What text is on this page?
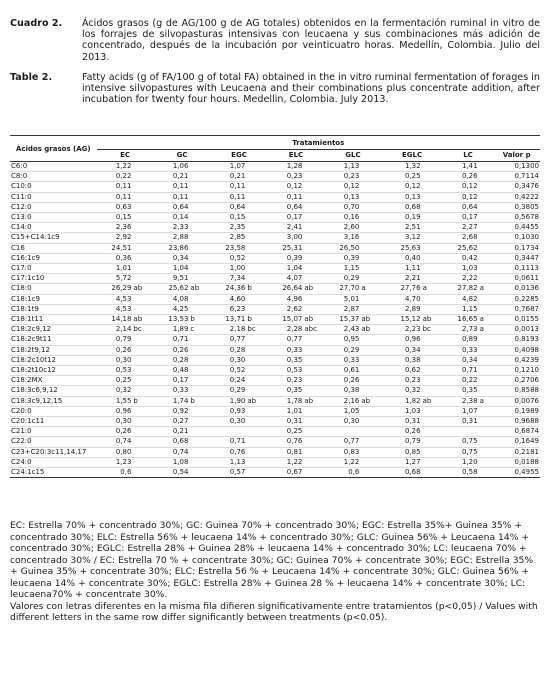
Cuadro 2. Ácidos grasos (g de AG/100 g de AG totales) obtenidos en la fermentación ruminal in vitro de los forrajes de silvopasturas intensivas con leucaena y sus combinaciones más adición de concentrado, después de la incubación por veinticuatro horas. Medellín, Colombia. Julio del 2013.
Table 2.	Fatty acids (g of FA/100 g of total FA) obtained in the in vitro ruminal fermentation of forages in intensive silvopastures with Leucaena and their combinations plus concentrate addition, after incubation for twenty four hours. Medellin, Colombia. July 2013.
Ácidos grasos (AG)	Tratamientos														
	EC		GC		EGC		ELC		GLC		EGLC		LC		Valor p
C6:0	1,22		1,06		1,07		1,28		1,13		1,32		1,41		0,1300
C8:0	0,22		0,21		0,21		0,23		0,23		0,25		0,26		0,7114
C10:0	0,11		0,11		0,11		0,12		0,12		0,12		0,12		0,3476
C11:0	0,11		0,11		0,11		0,11		0,13		0,13		0,12		0,4222
C12:0	0,63		0,64		0,64		0,64		0,70		0,68		0,64		0,3805
C13:0	0,15		0,14		0,15		0,17		0,16		0,19		0,17		0,5678
C14:0	2,36		2,33		2,35		2,41		2,60		2,51		2,27		0,4455
C15+C14:1c9	2,92		2,88		2,85		3,00		3,16		3,12		2,68		0,1030
C16	24,51		23,86		23,58		25,31		26,50		25,63		25,62		0,1734
C16:1c9	0,36		0,34		0,52		0,39		0,39		0,40		0,42		0,3447
C17:0	1,01		1,04		1,00		1,04		1,15		1,11		1,03		0,1113
C17:1c10	5,72		9,51		7,34		4,07		0,29		2,21		2,22		0,0611
C18:0	26,29	ab	25,62	ab	24,36	b	26,64	ab	27,70	a	27,76	a	27,82	a	0,0136
C18:1c9	4,53		4,08		4,60		4,96		5,01		4,70		4,82		0,2285
C18:1t9	4,53		4,25		6,23		2,62		2,87		2,89		1,15		0,7687
C18:1t11	14,18	ab	13,53	b	13,71	b	15,07	ab	15,37	ab	15,12	ab	16,65	a	0,0155
C18:2c9,12	2,14	bc	1,89	c	2,18	bc	2,28	abc	2,43	ab	2,23	bc	2,73	a	0,0013
C18:2c9t11	0,79		0,71		0,77		0,77		0,95		0,96		0,89		0,8193
C18:2t9,12	0,26		0,26		0,28		0,33		0,29		0,34		0,33		0,4098
C18:2c10t12	0,30		0,28		0,30		0,35		0,33		0,38		0,34		0,4239
C18:2t10c12	0,53		0,48		0,52		0,53		0,61		0,62		0,71		0,1210
C18:2MX	0,25		0,17		0,24		0,23		0,26		0,23		0,22		0,2706
C18:3c6,9,12	0,32		0,33		0,29		0,35		0,38		0,32		0,35		0,8588
C18:3c9,12,15	1,55	b	1,74	b	1,90	ab	1,78	ab	2,16	ab	1,82	ab	2,38	a	0,0076
C20:0	0,96		0,92		0,93		1,01		1,05		1,03		1,07		0,1989
C20:1c11	0,30		0,27		0,30		0,31		0,30		0,31		0,31		0,9688
C21:0	0,26		0,21				0,25				0,26				0,6874
C22:0	0,74		0,68		0,71		0,76		0,77		0,79		0,75		0,1649
C23+C20:3c11,14,17	0,80		0,74		0,76		0,81		0,83		0,85		0,75		0,2181
C24:0	1,23		1,08		1,13		1,22		1,22		1,27		1,20		0,0188
C24:1c15	0,6		0,54		0,57		0,67		0,6		0,68		0,58		0,4955

EC: Estrella 70% + concentrado 30%; GC: Guinea 70% + concentrado 30%; EGC: Estrella 35%+ Guinea 35% + concentrado 30%; ELC: Estrella 56% + leucaena 14% + concentrado 30%; GLC: Guinea 56% + Leucaena 14% + concentrado 30%; EGLC: Estrella 28% + Guinea 28% + leucaena 14% + concentrado 30%; LC: leucaena 70% + concentrado 30% / EC: Estrella 70 % + concentrate 30%; GC: Guinea 70% + concentrate 30%; EGC: Estrella 35% + Guinea 35% + concentrate 30%; ELC: Estrella 56 % + Leucaena 14% + concentrate 30%; GLC: Guinea 56% + leucaena 14% + concentrate 30%; EGLC: Estrella 28% + Guinea 28 % + leucaena 14% + concentrate 30%; LC: leucaena70% + concentrate 30%.

Valores con letras diferentes en la misma fila difieren significativamente entre tratamientos (p<0,05) / Values with different letters in the same row differ significantly between treatments (p<0.05).
